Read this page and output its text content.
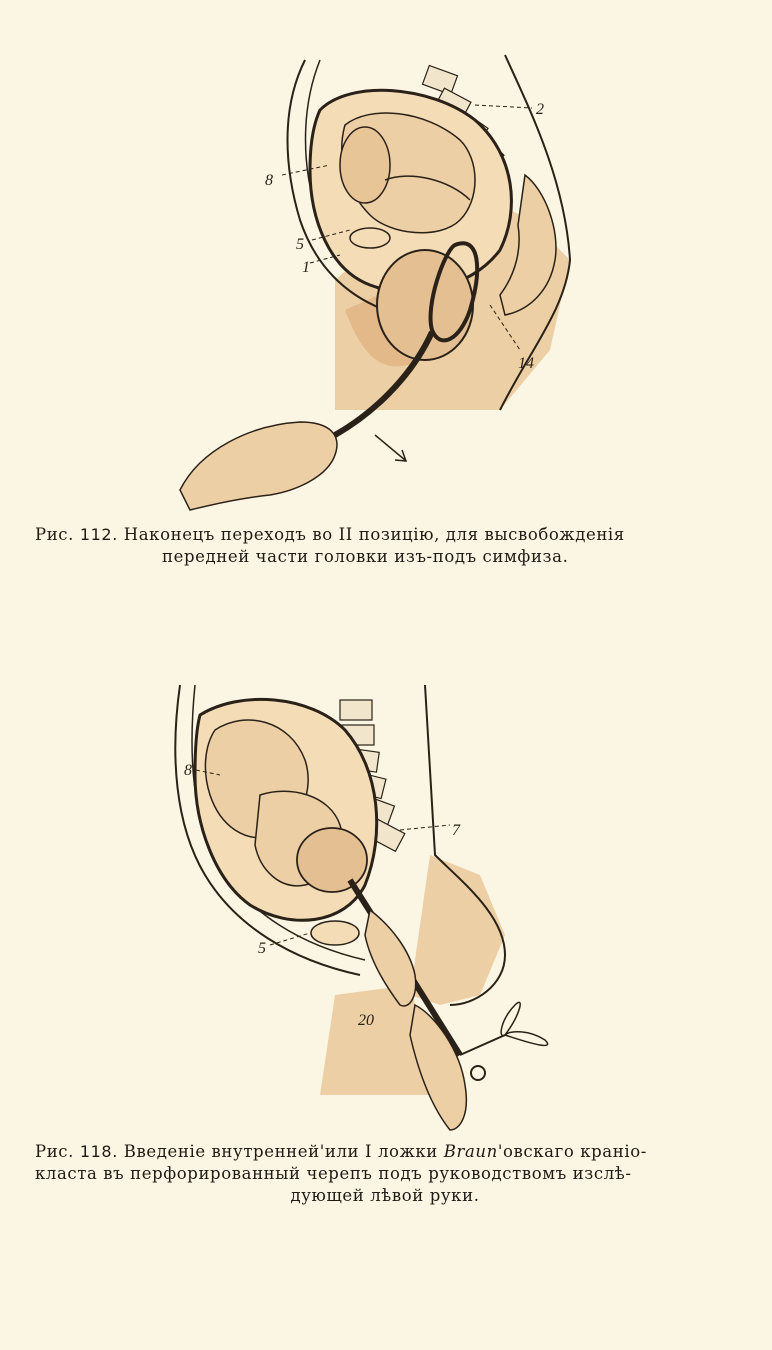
2
8
5
1
14
Рис. 112. Наконецъ переходъ во II позицію, для высвобожденія
передней части головки изъ-подъ симфиза.
8
7
5
20
Рис. 118. Введеніе внутренней'или I ложки Braun'овскаго краніо-
класта въ перфорированный черепъ подъ руководствомъ изслѣ-
дующей лѣвой руки.
